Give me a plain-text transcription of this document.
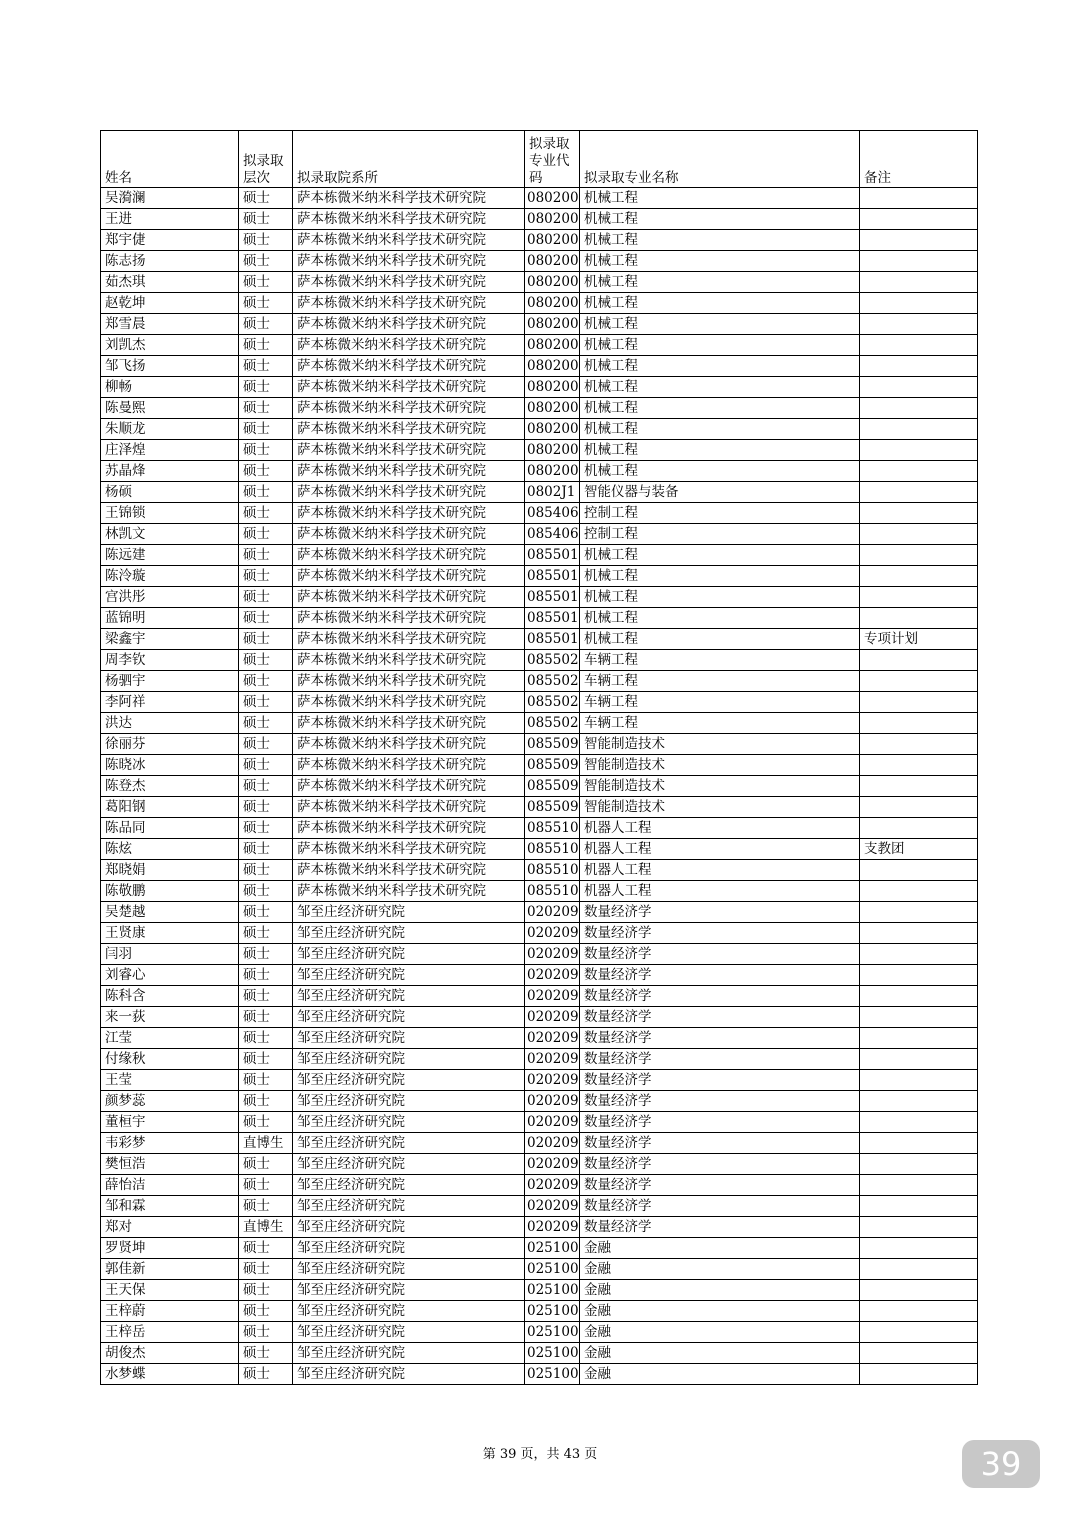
姓名	拟录取层次	拟录取院系所	拟录取专业代码	拟录取专业名称	备注
吴漪澜	硕士	萨本栋微米纳米科学技术研究院	080200	机械工程	
王进	硕士	萨本栋微米纳米科学技术研究院	080200	机械工程	
郑宇倢	硕士	萨本栋微米纳米科学技术研究院	080200	机械工程	
陈志扬	硕士	萨本栋微米纳米科学技术研究院	080200	机械工程	
茹杰琪	硕士	萨本栋微米纳米科学技术研究院	080200	机械工程	
赵乾坤	硕士	萨本栋微米纳米科学技术研究院	080200	机械工程	
郑雪晨	硕士	萨本栋微米纳米科学技术研究院	080200	机械工程	
刘凯杰	硕士	萨本栋微米纳米科学技术研究院	080200	机械工程	
邹飞扬	硕士	萨本栋微米纳米科学技术研究院	080200	机械工程	
柳畅	硕士	萨本栋微米纳米科学技术研究院	080200	机械工程	
陈曼熙	硕士	萨本栋微米纳米科学技术研究院	080200	机械工程	
朱顺龙	硕士	萨本栋微米纳米科学技术研究院	080200	机械工程	
庄泽煌	硕士	萨本栋微米纳米科学技术研究院	080200	机械工程	
苏晶烽	硕士	萨本栋微米纳米科学技术研究院	080200	机械工程	
杨硕	硕士	萨本栋微米纳米科学技术研究院	0802J1	智能仪器与装备	
王锦锁	硕士	萨本栋微米纳米科学技术研究院	085406	控制工程	
林凯文	硕士	萨本栋微米纳米科学技术研究院	085406	控制工程	
陈远建	硕士	萨本栋微米纳米科学技术研究院	085501	机械工程	
陈泠璇	硕士	萨本栋微米纳米科学技术研究院	085501	机械工程	
宫洪彤	硕士	萨本栋微米纳米科学技术研究院	085501	机械工程	
蓝锦明	硕士	萨本栋微米纳米科学技术研究院	085501	机械工程	
梁鑫宇	硕士	萨本栋微米纳米科学技术研究院	085501	机械工程	专项计划
周李钦	硕士	萨本栋微米纳米科学技术研究院	085502	车辆工程	
杨驷宇	硕士	萨本栋微米纳米科学技术研究院	085502	车辆工程	
李阿祥	硕士	萨本栋微米纳米科学技术研究院	085502	车辆工程	
洪达	硕士	萨本栋微米纳米科学技术研究院	085502	车辆工程	
徐丽芬	硕士	萨本栋微米纳米科学技术研究院	085509	智能制造技术	
陈晓冰	硕士	萨本栋微米纳米科学技术研究院	085509	智能制造技术	
陈登杰	硕士	萨本栋微米纳米科学技术研究院	085509	智能制造技术	
葛阳钢	硕士	萨本栋微米纳米科学技术研究院	085509	智能制造技术	
陈品同	硕士	萨本栋微米纳米科学技术研究院	085510	机器人工程	
陈炫	硕士	萨本栋微米纳米科学技术研究院	085510	机器人工程	支教团
郑晓娟	硕士	萨本栋微米纳米科学技术研究院	085510	机器人工程	
陈敬鹏	硕士	萨本栋微米纳米科学技术研究院	085510	机器人工程	
吴楚越	硕士	邹至庄经济研究院	020209	数量经济学	
王贤康	硕士	邹至庄经济研究院	020209	数量经济学	
闫羽	硕士	邹至庄经济研究院	020209	数量经济学	
刘睿心	硕士	邹至庄经济研究院	020209	数量经济学	
陈科含	硕士	邹至庄经济研究院	020209	数量经济学	
来一荻	硕士	邹至庄经济研究院	020209	数量经济学	
江莹	硕士	邹至庄经济研究院	020209	数量经济学	
付缘秋	硕士	邹至庄经济研究院	020209	数量经济学	
王莹	硕士	邹至庄经济研究院	020209	数量经济学	
颜梦蕊	硕士	邹至庄经济研究院	020209	数量经济学	
董桓宇	硕士	邹至庄经济研究院	020209	数量经济学	
韦彩梦	直博生	邹至庄经济研究院	020209	数量经济学	
樊恒浩	硕士	邹至庄经济研究院	020209	数量经济学	
薛怡洁	硕士	邹至庄经济研究院	020209	数量经济学	
邹和霖	硕士	邹至庄经济研究院	020209	数量经济学	
郑对	直博生	邹至庄经济研究院	020209	数量经济学	
罗贤坤	硕士	邹至庄经济研究院	025100	金融	
郭佳新	硕士	邹至庄经济研究院	025100	金融	
王天保	硕士	邹至庄经济研究院	025100	金融	
王梓蔚	硕士	邹至庄经济研究院	025100	金融	
王梓岳	硕士	邹至庄经济研究院	025100	金融	
胡俊杰	硕士	邹至庄经济研究院	025100	金融	
水梦蝶	硕士	邹至庄经济研究院	025100	金融	
第 39 页，共 43 页	39
